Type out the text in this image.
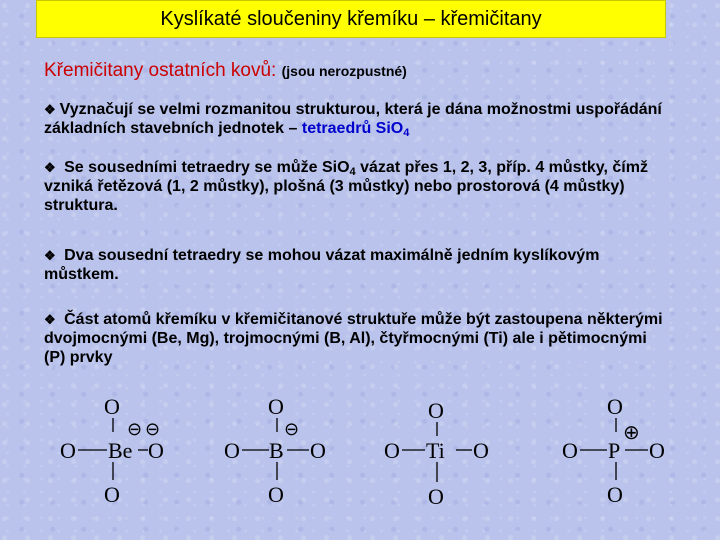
Kyslíkaté sloučeniny křemíku – křemičitany
Křemičitany ostatních kovů: (jsou nerozpustné)
❖ Vyznačují se velmi rozmanitou strukturou, která je dána možnostmi uspořádání základních stavebních jednotek – tetraedrů SiO$_4$
❖ Se sousedními tetraedry se může SiO$_4$ vázat přes 1, 2, 3, příp. 4 můstky, čímž vzniká řetězová (1, 2 můstky), plošná (3 můstky) nebo prostorová (4 můstky) struktura.
❖ Dva sousední tetraedry se mohou vázat maximálně jedním kyslíkovým můstkem.
❖ Část atomů křemíku v křemičitanové struktuře může být zastoupena některými dvojmocnými (Be, Mg), trojmocnými (B, Al), čtyřmocnými (Ti) ale i pětimocnými (P) prvky
O
O Be O
O
⊖ ⊖
O
O B O
O
⊖
O
O Ti O
O
O
O P O
O
⊕
